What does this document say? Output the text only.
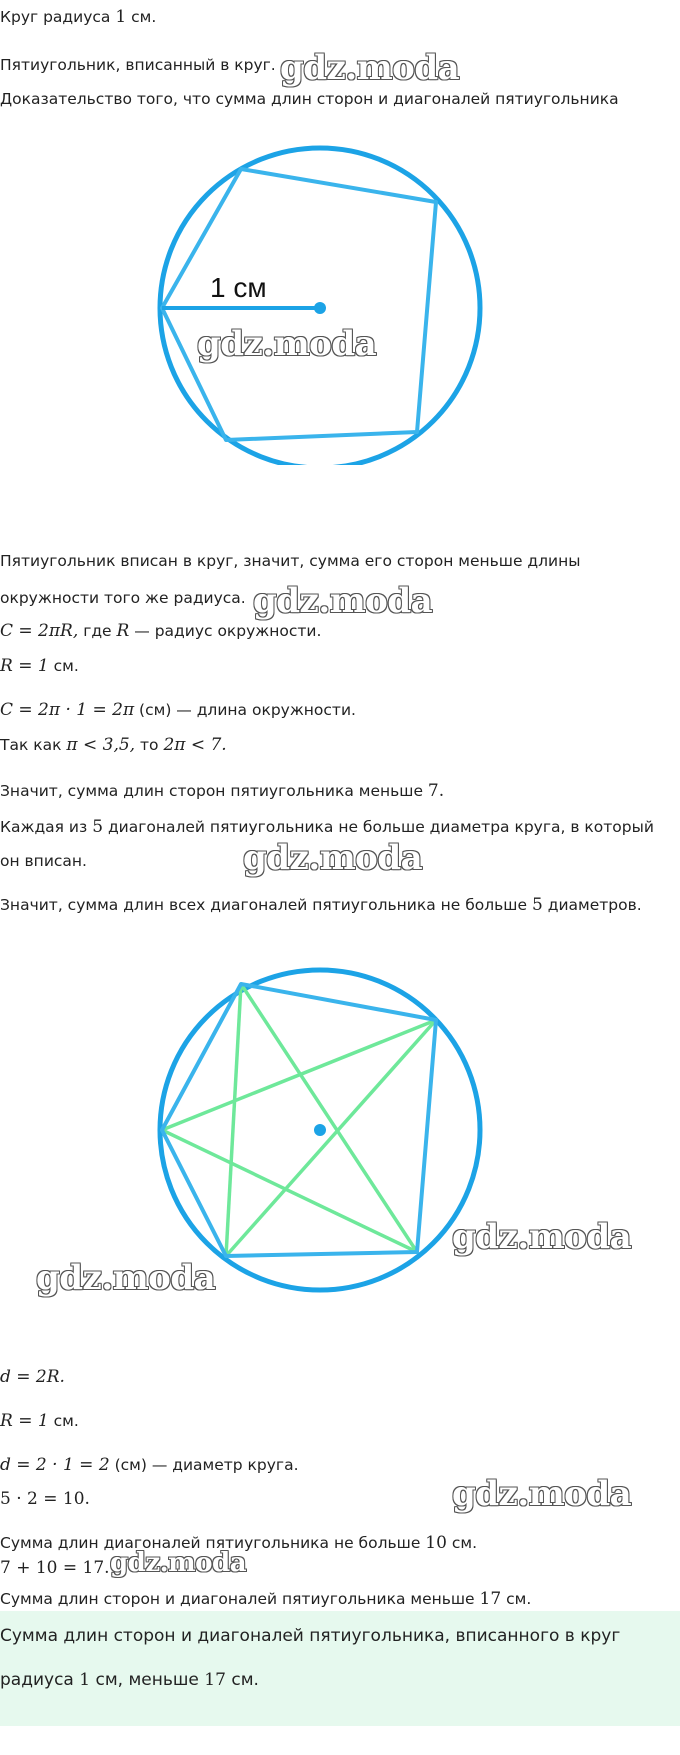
Круг радиуса 1 см.
Пятиугольник, вписанный в круг. gdz.moda
Доказательство того, что сумма длин сторон и диагоналей пятиугольника
1 см
gdz.moda
Пятиугольник вписан в круг, значит, сумма его сторон меньше длины
окружности того же радиуса. gdz.moda
C = 2πR, где R — радиус окружности.
R = 1 см.
C = 2π · 1 = 2π (см) — длина окружности.
Так как π < 3,5, то 2π < 7.
Значит, сумма длин сторон пятиугольника меньше 7.
Каждая из 5 диагоналей пятиугольника не больше диаметра круга, в который
он вписан.	gdz.moda
Значит, сумма длин всех диагоналей пятиугольника не больше 5 диаметров.
gdz.moda
gdz.moda
d = 2R.
R = 1 см.
d = 2 · 1 = 2 (см) — диаметр круга.
5 · 2 = 10.	gdz.moda
Сумма длин диагоналей пятиугольника не больше 10 см.
7 + 10 = 17. gdz.moda
Сумма длин сторон и диагоналей пятиугольника меньше 17 см.
Сумма длин сторон и диагоналей пятиугольника, вписанного в круг
радиуса 1 см, меньше 17 см.
